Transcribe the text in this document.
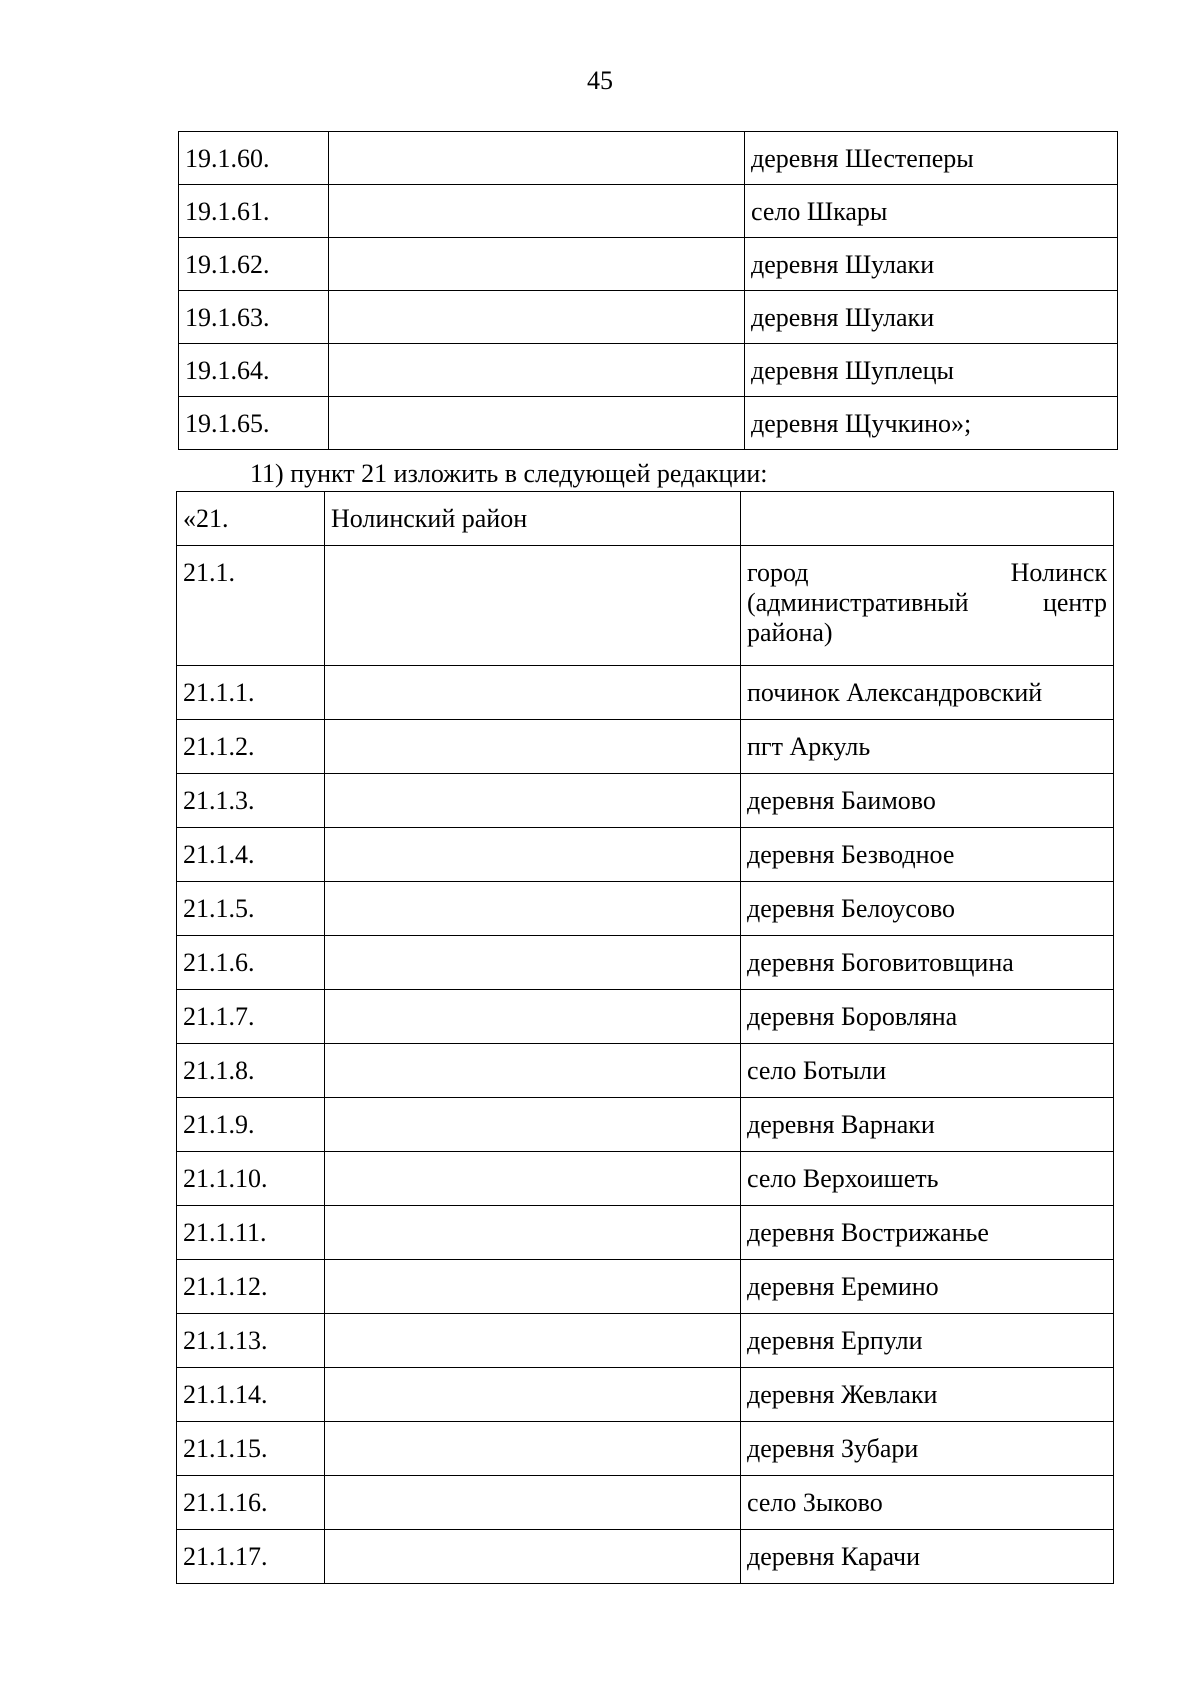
45
19.1.60.		деревня Шестеперы
19.1.61.		село Шкары
19.1.62.		деревня Шулаки
19.1.63.		деревня Шулаки
19.1.64.		деревня Шуплецы
19.1.65.		деревня Щучкино»;
11) пункт 21 изложить в следующей редакции:
«21.	Нолинский район	
21.1.		город Нолинск
(административный центр
района)

21.1.1.		починок Александровский
21.1.2.		пгт Аркуль
21.1.3.		деревня Баимово
21.1.4.		деревня Безводное
21.1.5.		деревня Белоусово
21.1.6.		деревня Боговитовщина
21.1.7.		деревня Боровляна
21.1.8.		село Ботыли
21.1.9.		деревня Варнаки
21.1.10.		село Верхоишеть
21.1.11.		деревня Вострижанье
21.1.12.		деревня Еремино
21.1.13.		деревня Ерпули
21.1.14.		деревня Жевлаки
21.1.15.		деревня Зубари
21.1.16.		село Зыково
21.1.17.		деревня Карачи
